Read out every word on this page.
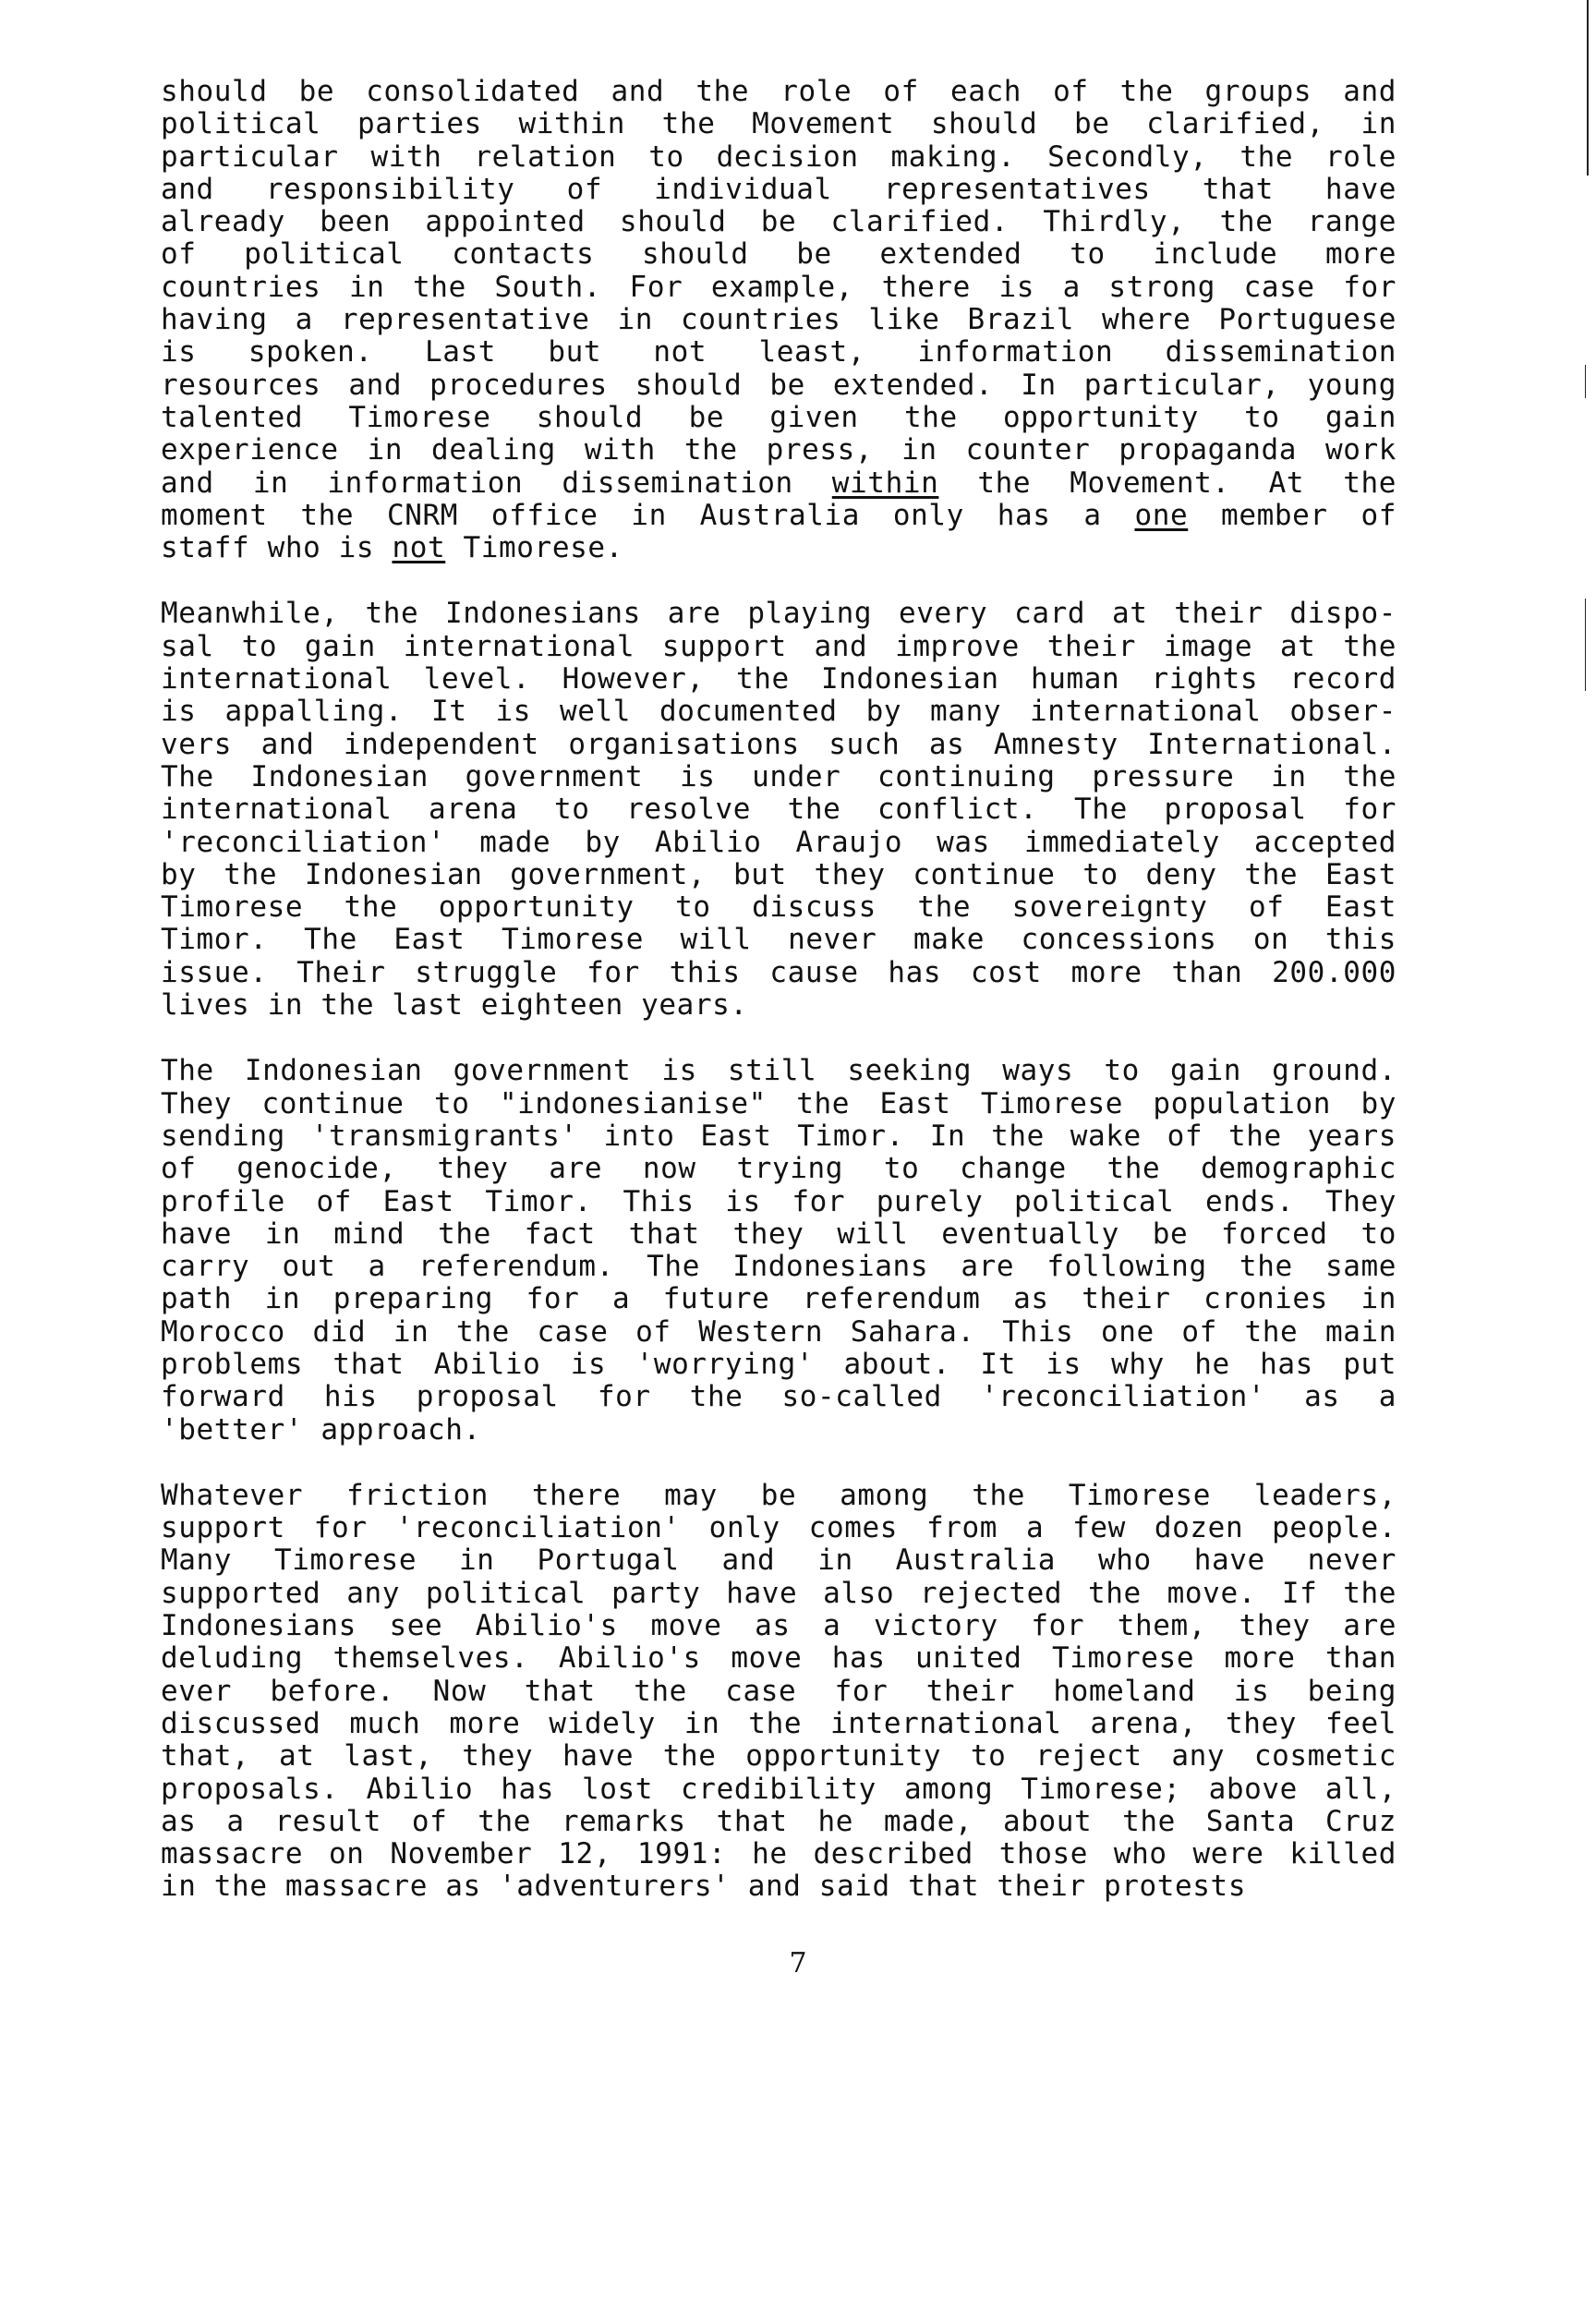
should be consolidated and the role of each of the groups and
political parties within the Movement should be clarified, in
particular with relation to decision making. Secondly, the role
and responsibility of individual representatives that have
already been appointed should be clarified. Thirdly, the range
of political contacts should be extended to include more
countries in the South. For example, there is a strong case for
having a representative in countries like Brazil where Portuguese
is spoken. Last but not least, information dissemination
resources and procedures should be extended. In particular, young
talented Timorese should be given the opportunity to gain
experience in dealing with the press, in counter propaganda work
and in information dissemination within the Movement. At the
moment the CNRM office in Australia only has a one member of
staff who is not Timorese.
Meanwhile, the Indonesians are playing every card at their dispo-
sal to gain international support and improve their image at the
international level. However, the Indonesian human rights record
is appalling. It is well documented by many international obser-
vers and independent organisations such as Amnesty International.
The Indonesian government is under continuing pressure in the
international arena to resolve the conflict. The proposal for
'reconciliation' made by Abilio Araujo was immediately accepted
by the Indonesian government, but they continue to deny the East
Timorese the opportunity to discuss the sovereignty of East
Timor. The East Timorese will never make concessions on this
issue. Their struggle for this cause has cost more than 200.000
lives in the last eighteen years.
The Indonesian government is still seeking ways to gain ground.
They continue to "indonesianise" the East Timorese population by
sending 'transmigrants' into East Timor. In the wake of the years
of genocide, they are now trying to change the demographic
profile of East Timor. This is for purely political ends. They
have in mind the fact that they will eventually be forced to
carry out a referendum. The Indonesians are following the same
path in preparing for a future referendum as their cronies in
Morocco did in the case of Western Sahara. This one of the main
problems that Abilio is 'worrying' about. It is why he has put
forward his proposal for the so-called 'reconciliation' as a
'better' approach.
Whatever friction there may be among the Timorese leaders,
support for 'reconciliation' only comes from a few dozen people.
Many Timorese in Portugal and in Australia who have never
supported any political party have also rejected the move. If the
Indonesians see Abilio's move as a victory for them, they are
deluding themselves. Abilio's move has united Timorese more than
ever before. Now that the case for their homeland is being
discussed much more widely in the international arena, they feel
that, at last, they have the opportunity to reject any cosmetic
proposals. Abilio has lost credibility among Timorese; above all,
as a result of the remarks that he made, about the Santa Cruz
massacre on November 12, 1991: he described those who were killed
in the massacre as 'adventurers' and said that their protests
7
